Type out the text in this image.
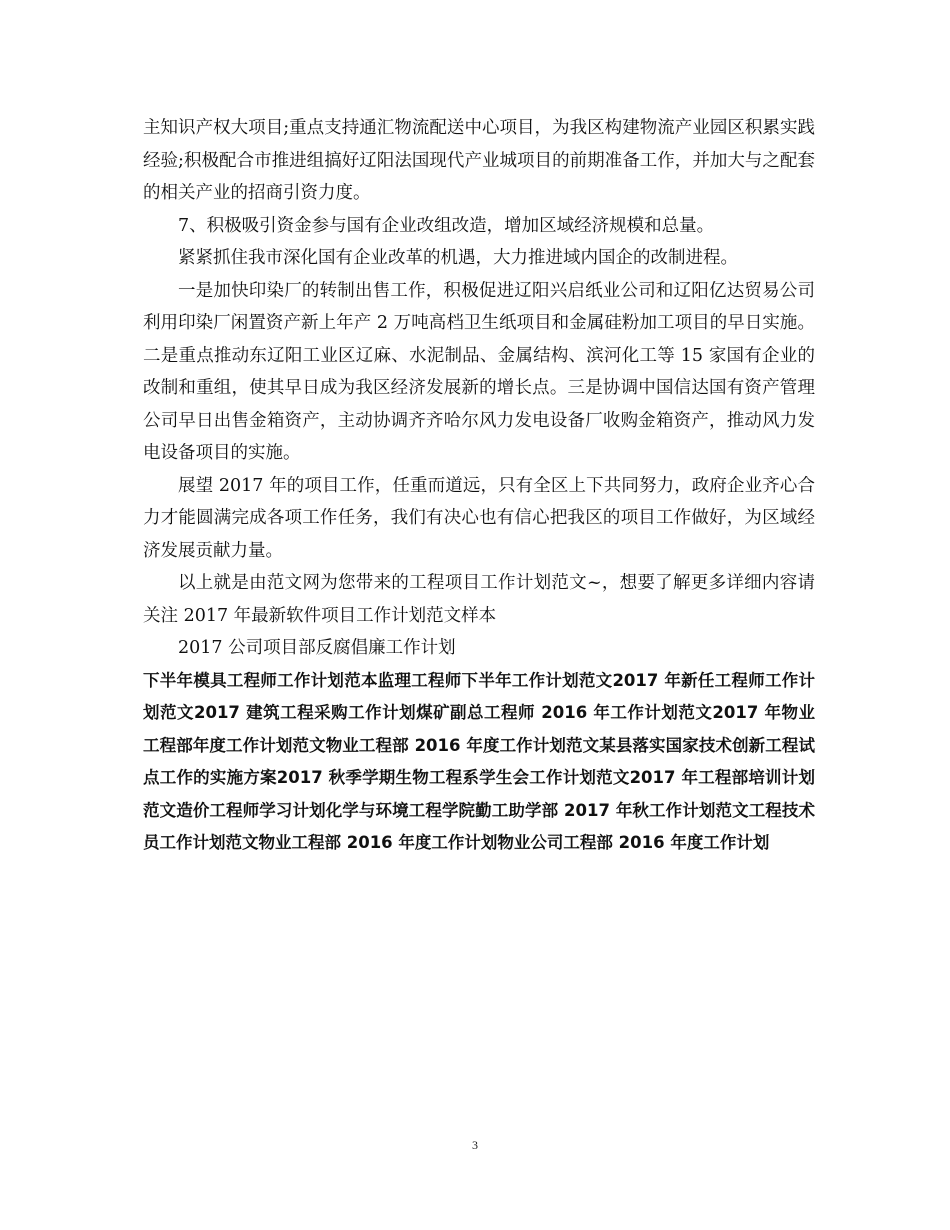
主知识产权大项目;重点支持通汇物流配送中心项目，为我区构建物流产业园区积累实践经验;积极配合市推进组搞好辽阳法国现代产业城项目的前期准备工作，并加大与之配套的相关产业的招商引资力度。

7、积极吸引资金参与国有企业改组改造，增加区域经济规模和总量。

紧紧抓住我市深化国有企业改革的机遇，大力推进域内国企的改制进程。

一是加快印染厂的转制出售工作，积极促进辽阳兴启纸业公司和辽阳亿达贸易公司利用印染厂闲置资产新上年产 2 万吨高档卫生纸项目和金属硅粉加工项目的早日实施。二是重点推动东辽阳工业区辽麻、水泥制品、金属结构、滨河化工等 15 家国有企业的改制和重组，使其早日成为我区经济发展新的增长点。三是协调中国信达国有资产管理公司早日出售金箱资产，主动协调齐齐哈尔风力发电设备厂收购金箱资产，推动风力发电设备项目的实施。

展望 2017 年的项目工作，任重而道远，只有全区上下共同努力，政府企业齐心合力才能圆满完成各项工作任务，我们有决心也有信心把我区的项目工作做好，为区域经济发展贡献力量。

以上就是由范文网为您带来的工程项目工作计划范文~，想要了解更多详细内容请关注 2017 年最新软件项目工作计划范文样本

2017 公司项目部反腐倡廉工作计划

下半年模具工程师工作计划范本监理工程师下半年工作计划范文2017 年新任工程师工作计划范文2017 建筑工程采购工作计划煤矿副总工程师 2016 年工作计划范文2017 年物业工程部年度工作计划范文物业工程部 2016 年度工作计划范文某县落实国家技术创新工程试点工作的实施方案2017 秋季学期生物工程系学生会工作计划范文2017 年工程部培训计划范文造价工程师学习计划化学与环境工程学院勤工助学部 2017 年秋工作计划范文工程技术员工作计划范文物业工程部 2016 年度工作计划物业公司工程部 2016 年度工作计划

3
